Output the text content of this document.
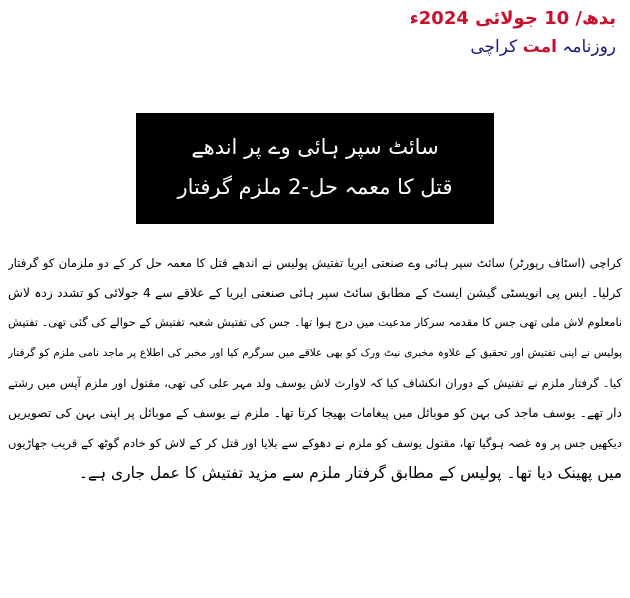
بدھ/ 10 جولائی 2024ء
روزنامہ امت کراچی
سائٹ سپر ہائی وے پر اندھے
قتل کا معمہ حل-2 ملزم گرفتار
کراچی (اسٹاف رپورٹر) سائٹ سپر ہائی وے صنعتی ایریا تفتیش پولیس نے اندھے قتل کا معمہ حل کر کے دو ملزمان کو گرفتار
کرلیا۔ ایس پی انویسٹی گیشن ایسٹ کے مطابق سائٹ سپر ہائی صنعتی ایریا کے علاقے سے 4 جولائی کو تشدد زدہ لاش
نامعلوم لاش ملی تھی جس کا مقدمہ سرکار مدعیت میں درج ہوا تھا۔ جس کی تفتیش شعبہ تفتیش کے حوالے کی گئی تھی۔ تفتیش
پولیس نے اپنی تفتیش اور تحقیق کے علاوہ مخبری نیٹ ورک کو بھی علاقے میں سرگرم کیا اور مخبر کی اطلاع پر ماجد نامی ملزم کو گرفتار
کیا۔ گرفتار ملزم نے تفتیش کے دوران انکشاف کیا کہ لاوارث لاش یوسف ولد مہر علی کی تھی، مقتول اور ملزم آپس میں رشتے
دار تھے۔ یوسف ماجد کی بہن کو موبائل میں پیغامات بھیجا کرتا تھا۔ ملزم نے یوسف کے موبائل پر اپنی بہن کی تصویریں
دیکھیں جس پر وہ غصہ ہوگیا تھا، مقتول یوسف کو ملزم نے دھوکے سے بلایا اور قتل کر کے لاش کو خادم گوٹھ کے قریب جھاڑیوں
میں پھینک دیا تھا۔ پولیس کے مطابق گرفتار ملزم سے مزید تفتیش کا عمل جاری ہے۔
